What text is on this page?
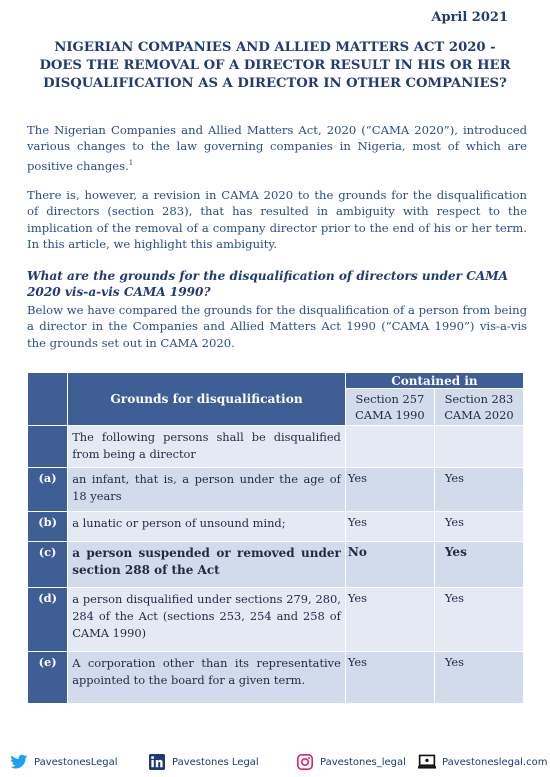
April 2021
NIGERIAN COMPANIES AND ALLIED MATTERS ACT 2020 -
DOES THE REMOVAL OF A DIRECTOR RESULT IN HIS OR HER
DISQUALIFICATION AS A DIRECTOR IN OTHER COMPANIES?
The Nigerian Companies and Allied Matters Act, 2020 (“CAMA 2020”), introduced various changes to the law governing companies in Nigeria, most of which are positive changes.$^1$
There is, however, a revision in CAMA 2020 to the grounds for the disqualification of directors (section 283), that has resulted in ambiguity with respect to the implication of the removal of a company director prior to the end of his or her term. In this article, we highlight this ambiguity.
What are the grounds for the disqualification of directors under CAMA 2020 vis-a-vis CAMA 1990?
Below we have compared the grounds for the disqualification of a person from being a director in the Companies and Allied Matters Act 1990 (“CAMA 1990”) vis-a-vis the grounds set out in CAMA 2020.
	Grounds for disqualification	Contained in	
		Section 257 CAMA 1990	Section 283 CAMA 2020
	The following persons shall be disqualified from being a director		
(a)	an infant, that is, a person under the age of 18 years	Yes	Yes
(b)	a lunatic or person of unsound mind;	Yes	Yes
(c)	a person suspended or removed under section 288 of the Act	No	Yes
(d)	a person disqualified under sections 279, 280, 284 of the Act (sections 253, 254 and 258 of CAMA 1990)	Yes	Yes
(e)	A corporation other than its representative appointed to the board for a given term.	Yes	Yes
PavestonesLegal	Pavestones Legal	Pavestones_legal	Pavestoneslegal.com
